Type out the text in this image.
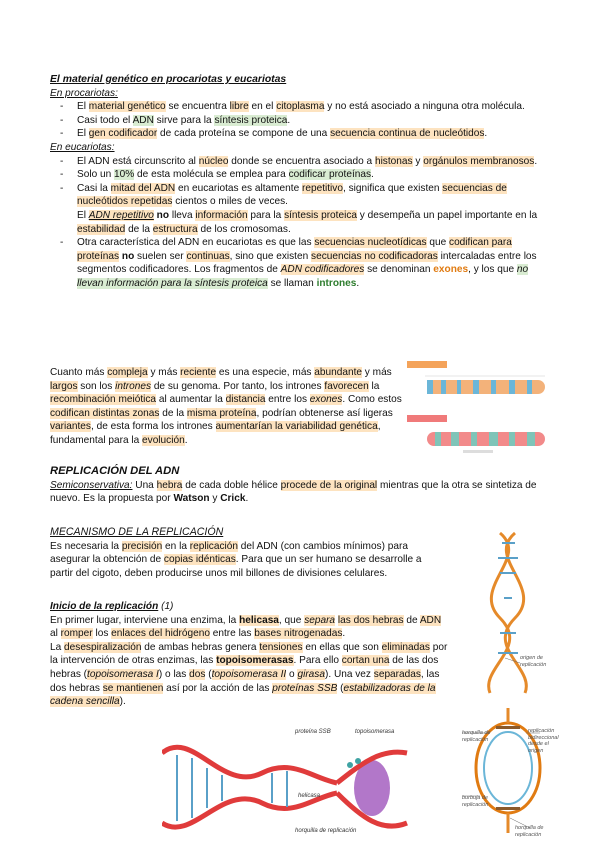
El material genético en procariotas y eucariotas
En procariotas:
- El material genético se encuentra libre en el citoplasma y no está asociado a ninguna otra molécula.
- Casi todo el ADN sirve para la síntesis proteica.
- El gen codificador de cada proteína se compone de una secuencia continua de nucleótidos.
En eucariotas:
- El ADN está circunscrito al núcleo donde se encuentra asociado a histonas y orgánulos membranosos.
- Solo un 10% de esta molécula se emplea para codificar proteínas.
- Casi la mitad del ADN en eucariotas es altamente repetitivo, significa que existen secuencias de nucleótidos repetidas cientos o miles de veces.
El ADN repetitivo no lleva información para la síntesis proteica y desempeña un papel importante en la estabilidad de la estructura de los cromosomas.
- Otra característica del ADN en eucariotas es que las secuencias nucleotídicas que codifican para proteínas no suelen ser continuas, sino que existen secuencias no codificadoras intercaladas entre los segmentos codificadores. Los fragmentos de ADN codificadores se denominan exones, y los que no llevan información para la síntesis proteica se llaman intrones.
Cuanto más compleja y más reciente es una especie, más abundante y más largos son los intrones de su genoma. Por tanto, los intrones favorecen la recombinación meiótica al aumentar la distancia entre los exones. Como estos codifican distintas zonas de la misma proteína, podrían obtenerse así ligeras variantes, de esta forma los intrones aumentarían la variabilidad genética, fundamental para la evolución.
REPLICACIÓN DEL ADN
Semiconservativa: Una hebra de cada doble hélice procede de la original mientras que la otra se sintetiza de nuevo. Es la propuesta por Watson y Crick.
MECANISMO DE LA REPLICACIÓN
Es necesaria la precisión en la replicación del ADN (con cambios mínimos) para asegurar la obtención de copias idénticas. Para que un ser humano se desarrolle a partir del cigoto, deben producirse unos mil billones de divisiones celulares.
Inicio de la replicación (1)
En primer lugar, interviene una enzima, la helicasa, que separa las dos hebras de ADN al romper los enlaces del hidrógeno entre las bases nitrogenadas.
La desespiralización de ambas hebras genera tensiones en ellas que son eliminadas por la intervención de otras enzimas, las topoisomerasas. Para ello cortan una de las dos hebras (topoisomerasa I) o las dos (topoisomerasa II o girasa). Una vez separadas, las dos hebras se mantienen así por la acción de las proteínas SSB (estabilizadoras de la cadena sencilla).
origen de replicación
horquilla de replicación
replicación bidireccional desde el origen
burbuja de replicación
horquilla de replicación
proteína SSB	topoisomerasa
helicasa
horquilla de replicación
